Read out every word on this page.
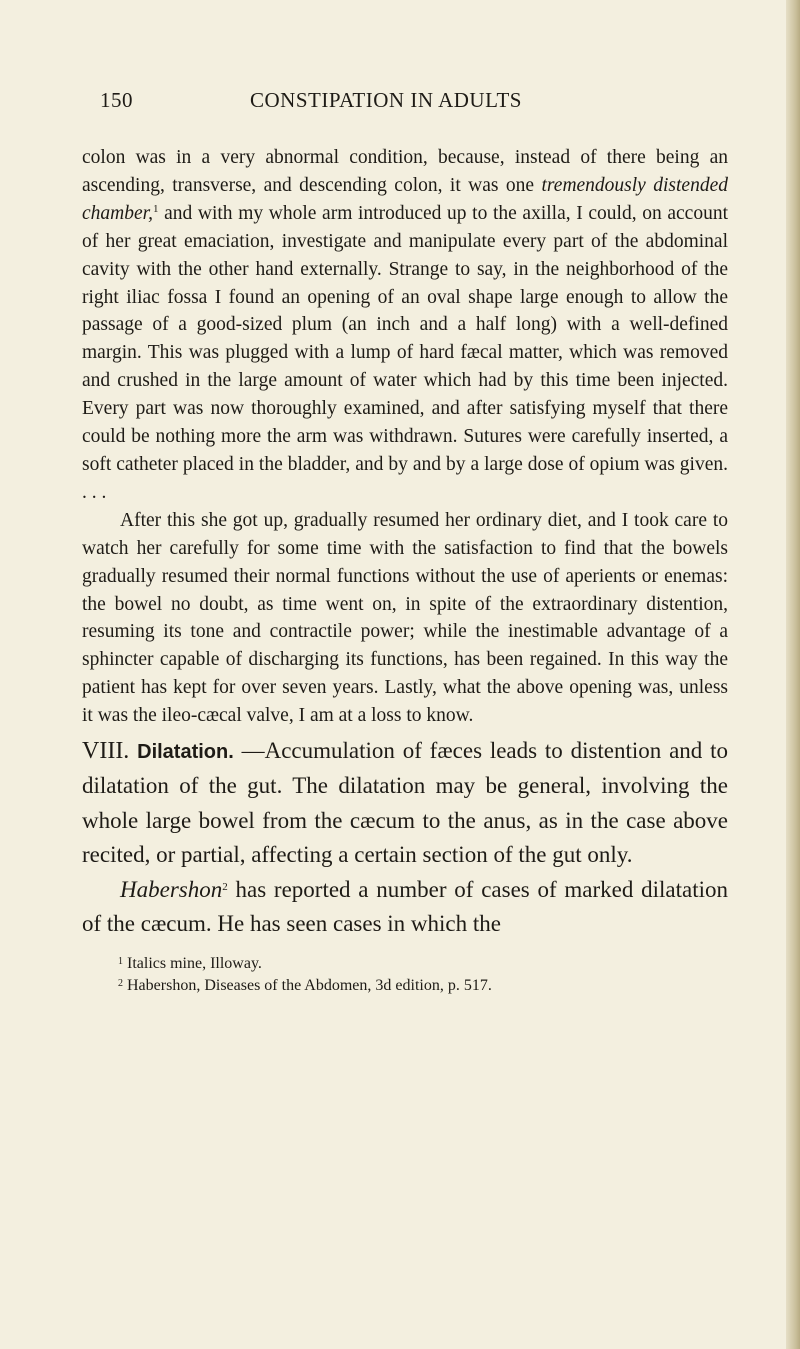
150	CONSTIPATION IN ADULTS

colon was in a very abnormal condition, because, instead of there being an ascending, transverse, and descending colon, it was one tremendously distended chamber,$^1$ and with my whole arm introduced up to the axilla, I could, on account of her great emaciation, investigate and manipulate every part of the abdominal cavity with the other hand externally. Strange to say, in the neighborhood of the right iliac fossa I found an opening of an oval shape large enough to allow the passage of a good-sized plum (an inch and a half long) with a well-defined margin. This was plugged with a lump of hard fæcal matter, which was removed and crushed in the large amount of water which had by this time been injected. Every part was now thoroughly examined, and after satisfying myself that there could be nothing more the arm was withdrawn. Sutures were carefully inserted, a soft catheter placed in the bladder, and by and by a large dose of opium was given. . . .

After this she got up, gradually resumed her ordinary diet, and I took care to watch her carefully for some time with the satisfaction to find that the bowels gradually resumed their normal functions without the use of aperients or enemas: the bowel no doubt, as time went on, in spite of the extraordinary distention, resuming its tone and contractile power; while the inestimable advantage of a sphincter capable of discharging its functions, has been regained. In this way the patient has kept for over seven years. Lastly, what the above opening was, unless it was the ileo-cæcal valve, I am at a loss to know.

VIII. Dilatation. —Accumulation of fæces leads to distention and to dilatation of the gut. The dilatation may be general, involving the whole large bowel from the cæcum to the anus, as in the case above recited, or partial, affecting a certain section of the gut only.

Habershon$^2$ has reported a number of cases of marked dilatation of the cæcum. He has seen cases in which the

$^1$ Italics mine, Illoway.
$^2$ Habershon, Diseases of the Abdomen, 3d edition, p. 517.
